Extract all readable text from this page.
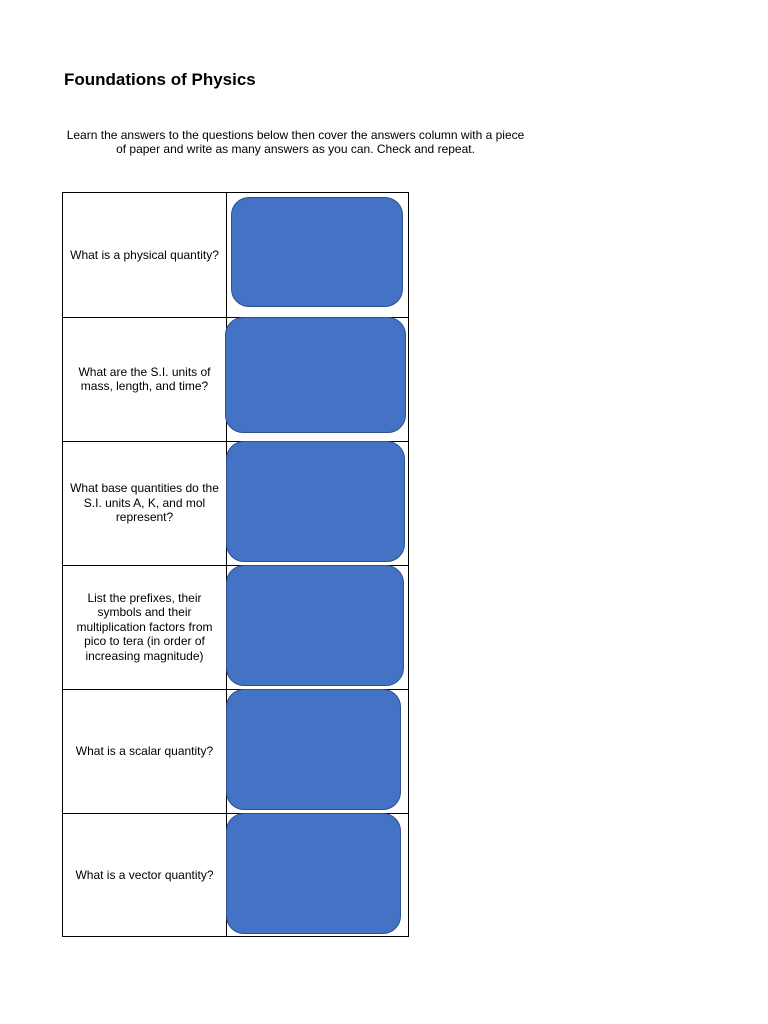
Foundations of Physics

Learn the answers to the questions below then cover the answers column with a piece of paper and write as many answers as you can. Check and repeat.

What is a physical quantity?
What are the S.I. units of mass, length, and time?
What base quantities do the S.I. units A, K, and mol represent?
List the prefixes, their symbols and their multiplication factors from pico to tera (in order of increasing magnitude)
What is a scalar quantity?
What is a vector quantity?
